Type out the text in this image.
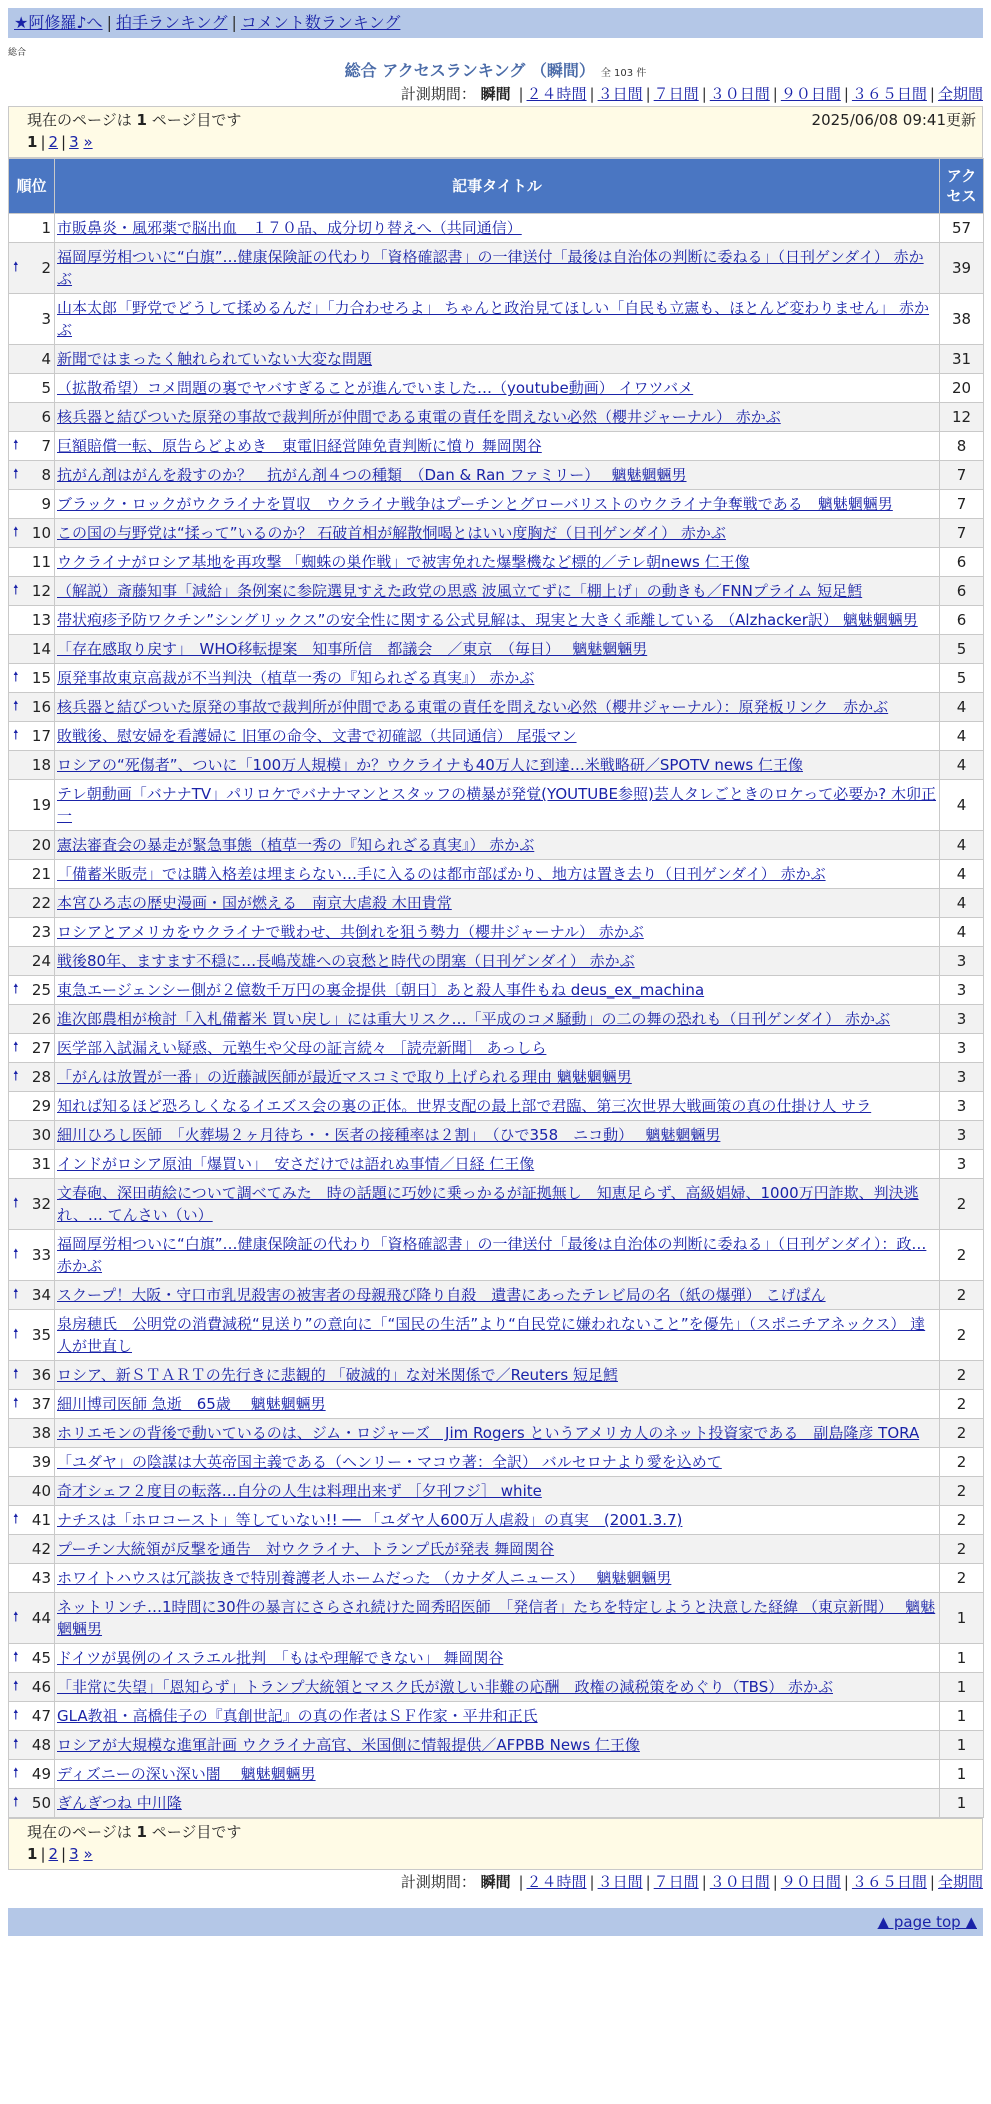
★阿修羅♪へ | 拍手ランキング | コメント数ランキング
総合
総合 アクセスランキング （瞬間） 全 103 件
計測期間： 瞬間 | ２４時間 | ３日間 | ７日間 | ３０日間 | ９０日間 | ３６５日間 | 全期間
現在のページは 1 ページ目です	2025/06/08 09:41更新
1 | 2 | 3 »
順位	記事タイトル	アクセス
1	市販鼻炎・風邪薬で脳出血　１７０品、成分切り替えへ（共同通信）	57

🠕 2	福岡厚労相ついに“白旗”…健康保険証の代わり「資格確認書」の一律送付「最後は自治体の判断に委ねる」（日刊ゲンダイ） 赤かぶ	39
3	山本太郎「野党でどうして揉めるんだ」「力合わせろよ」 ちゃんと政治見てほしい「自民も立憲も、ほとんど変わりません」 赤かぶ	38
4	新聞ではまったく触れられていない大変な問題	31
5	（拡散希望）コメ問題の裏でヤバすぎることが進んでいました…（youtube動画） イワツバメ	20
6	核兵器と結びついた原発の事故で裁判所が仲間である東電の責任を問えない必然（櫻井ジャーナル） 赤かぶ	12

🠕 7	巨額賠償一転、原告らどよめき　東電旧経営陣免責判断に憤り 舞岡関谷	8

🠕 8	抗がん剤はがんを殺すのか？　抗がん剤４つの種類　（Dan & Ran ファミリー）　 魑魅魍魎男	7
9	ブラック・ロックがウクライナを買収　ウクライナ戦争はプーチンとグローバリストのウクライナ争奪戦である　魑魅魍魎男	7

🠕 10	この国の与野党は“揉って”いるのか？ 石破首相が解散恫喝とはいい度胸だ（日刊ゲンダイ） 赤かぶ	7
11	ウクライナがロシア基地を再攻撃 「蜘蛛の巣作戦」で被害免れた爆撃機など標的／テレ朝news 仁王像	6

🠕 12	（解説）斎藤知事「減給」条例案に参院選見すえた政党の思惑 波風立てずに「棚上げ」の動きも／FNNプライム 短足鱈	6
13	帯状疱疹予防ワクチン”シングリックス”の安全性に関する公式見解は、現実と大きく乖離している （Alzhacker訳） 魑魅魍魎男	6
14	「存在感取り戻す」　WHO移転提案　知事所信　都議会　／東京　（毎日）　 魑魅魍魎男	5

🠕 15	原発事故東京高裁が不当判決（植草一秀の『知られざる真実』） 赤かぶ	5

🠕 16	核兵器と結びついた原発の事故で裁判所が仲間である東電の責任を問えない必然（櫻井ジャーナル）：原発板リンク　赤かぶ	4

🠕 17	敗戦後、慰安婦を看護婦に 旧軍の命令、文書で初確認（共同通信） 尾張マン	4
18	ロシアの“死傷者”、ついに「100万人規模」か？ウクライナも40万人に到達…米戦略研／SPOTV news 仁王像	4
19	テレ朝動画「バナナTV」パリロケでバナナマンとスタッフの横暴が発覚(YOUTUBE参照)芸人タレごときのロケって必要か? 木卯正一	4
20	憲法審査会の暴走が緊急事態（植草一秀の『知られざる真実』） 赤かぶ	4
21	「備蓄米販売」では購入格差は埋まらない…手に入るのは都市部ばかり、地方は置き去り（日刊ゲンダイ） 赤かぶ	4
22	本宮ひろ志の歴史漫画・国が燃える　南京大虐殺 木田貴常	4
23	ロシアとアメリカをウクライナで戦わせ、共倒れを狙う勢力（櫻井ジャーナル） 赤かぶ	4
24	戦後80年、ますます不穏に…長嶋茂雄への哀愁と時代の閉塞（日刊ゲンダイ） 赤かぶ	3

🠕 25	東急エージェンシー側が２億数千万円の裏金提供〔朝日〕あと殺人事件もね deus_ex_machina	3
26	進次郎農相が検討「入札備蓄米 買い戻し」には重大リスク…「平成のコメ騒動」の二の舞の恐れも（日刊ゲンダイ） 赤かぶ	3

🠕 27	医学部入試漏えい疑惑、元塾生や父母の証言続々 ［読売新聞］ あっしら	3

🠕 28	「がんは放置が一番」の近藤誠医師が最近マスコミで取り上げられる理由 魑魅魍魎男	3
29	知れば知るほど恐ろしくなるイエズス会の裏の正体。世界支配の最上部で君臨、第三次世界大戦画策の真の仕掛け人 サラ	3
30	細川ひろし医師　「火葬場２ヶ月待ち・・医者の接種率は２割」　（ひで358　ニコ動）　 魑魅魍魎男	3
31	インドがロシア原油「爆買い」　安さだけでは語れぬ事情／日経 仁王像	3

🠕 32	文春砲、深田萌絵について調べてみた　時の話題に巧妙に乗っかるが証拠無し　知恵足らず、高級娼婦、1000万円詐欺、判決逃れ、… てんさい（い）	2

🠕 33	福岡厚労相ついに“白旗”…健康保険証の代わり「資格確認書」の一律送付「最後は自治体の判断に委ねる」（日刊ゲンダイ）：政… 赤かぶ	2

🠕 34	スクープ！大阪・守口市乳児殺害の被害者の母親飛び降り自殺　遺書にあったテレビ局の名（紙の爆弾） こげぱん	2

🠕 35	泉房穂氏　公明党の消費減税“見送り”の意向に「“国民の生活”より“自民党に嫌われないこと”を優先」（スポニチアネックス） 達人が世直し	2

🠕 36	ロシア、新ＳＴＡＲＴの先行きに悲観的 「破滅的」な対米関係で／Reuters 短足鱈	2

🠕 37	細川博司医師 急逝　65歳　 魑魅魍魎男	2
38	ホリエモンの背後で動いているのは、ジム・ロジャーズ　Jim Rogers というアメリカ人のネット投資家である　副島隆彦 TORA	2
39	「ユダヤ」の陰謀は大英帝国主義である（ヘンリー・マコウ著：全訳） バルセロナより愛を込めて	2
40	奇才シェフ２度目の転落…自分の人生は料理出来ず ［夕刊フジ］ white	2

🠕 41	ナチスは「ホロコースト」等していない!! ── 「ユダヤ人600万人虐殺」の真実　(2001.3.7)	2
42	プーチン大統領が反撃を通告　対ウクライナ、トランプ氏が発表 舞岡関谷	2
43	ホワイトハウスは冗談抜きで特別養護老人ホームだった （カナダ人ニュース）　 魑魅魍魎男	2

🠕 44	ネットリンチ…1時間に30件の暴言にさらされ続けた岡秀昭医師　「発信者」たちを特定しようと決意した経緯 （東京新聞）　 魑魅魍魎男	1

🠕 45	ドイツが異例のイスラエル批判　「もはや理解できない」 舞岡関谷	1

🠕 46	「非常に失望」「恩知らず」トランプ大統領とマスク氏が激しい非難の応酬　政権の減税策をめぐり（TBS） 赤かぶ	1

🠕 47	GLA教祖・高橋佳子の『真創世記』の真の作者はＳＦ作家・平井和正氏	1

🠕 48	ロシアが大規模な進軍計画 ウクライナ高官、米国側に情報提供／AFPBB News 仁王像	1

🠕 49	ディズニーの深い深い闇　 魑魅魍魎男	1

🠕 50	ぎんぎつね 中川隆	1
現在のページは 1 ページ目です
1 | 2 | 3 »
計測期間： 瞬間 | ２４時間 | ３日間 | ７日間 | ３０日間 | ９０日間 | ３６５日間 | 全期間
▲ page top ▲
